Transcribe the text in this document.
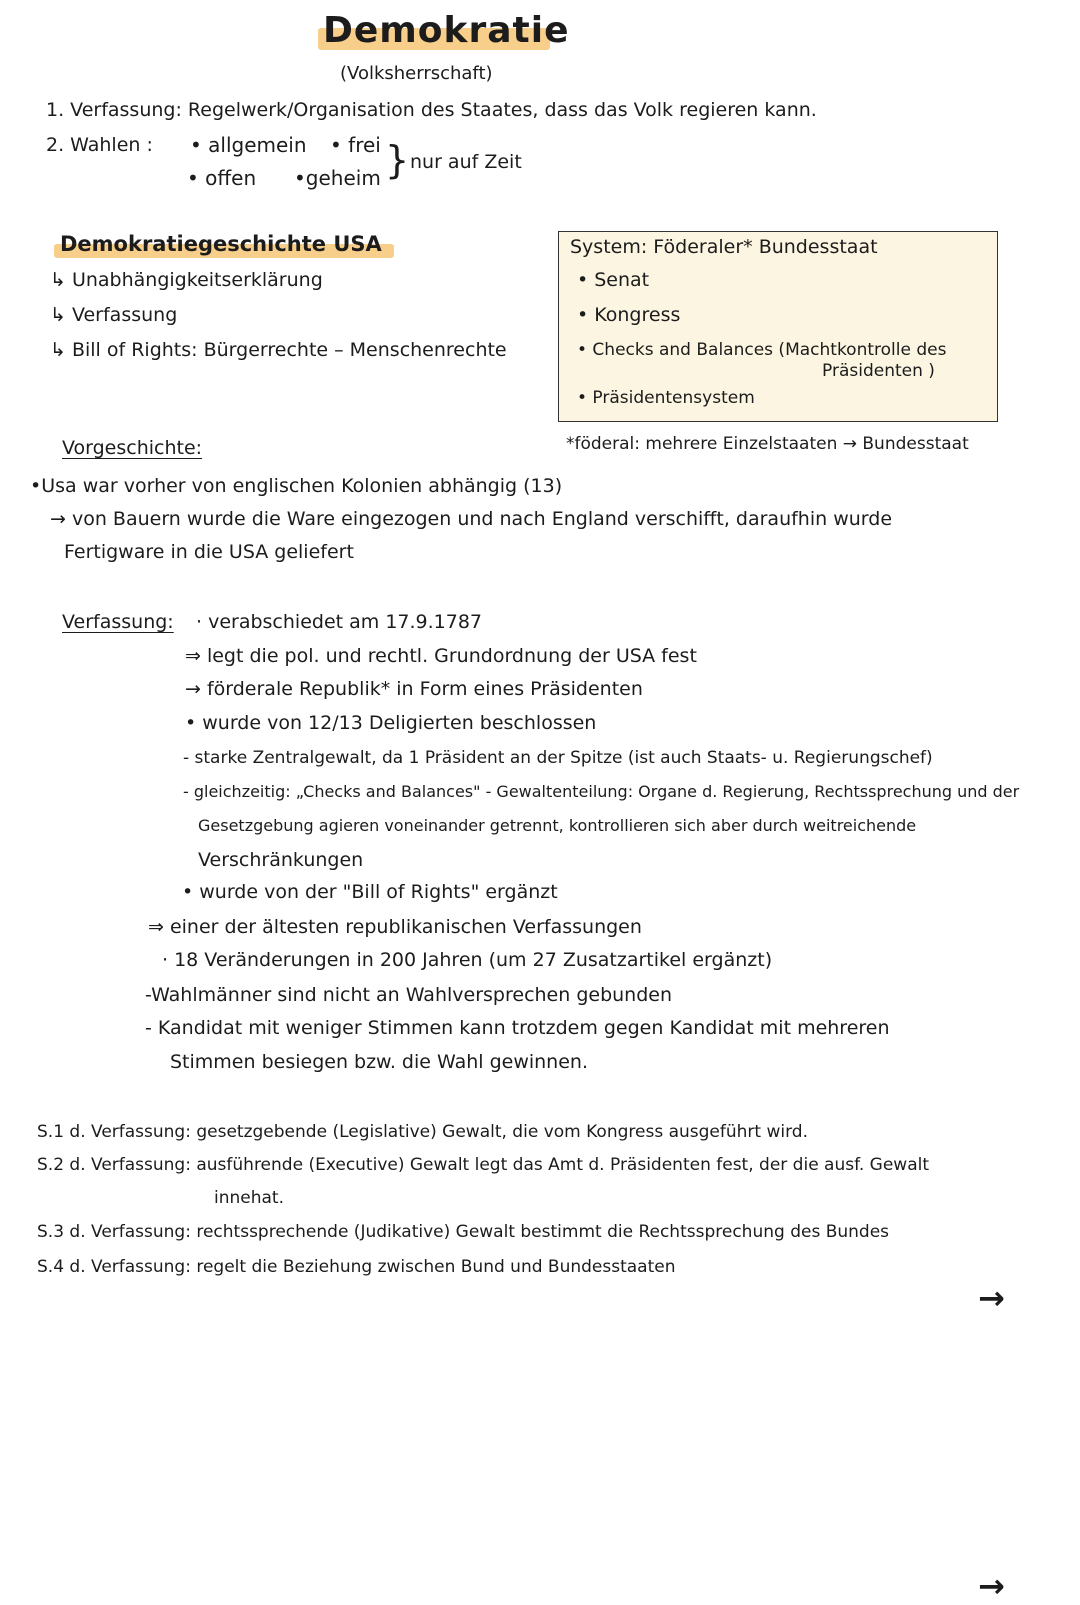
Demokratie
(Volksherrschaft)
1. Verfassung: Regelwerk/Organisation des Staates, dass das Volk regieren kann.
2. Wahlen : • allgemein • frei
• offen •geheim } nur auf Zeit
Demokratiegeschichte USA
↳ Unabhängigkeitserklärung
↳ Verfassung
↳ Bill of Rights: Bürgerrechte – Menschenrechte
System: Föderaler* Bundesstaat
• Senat
• Kongress
• Checks and Balances (Machtkontrolle des
Präsidenten )
• Präsidentensystem
*föderal: mehrere Einzelstaaten → Bundesstaat
Vorgeschichte:
•Usa war vorher von englischen Kolonien abhängig (13)
→ von Bauern wurde die Ware eingezogen und nach England verschifft, daraufhin wurde
Fertigware in die USA geliefert
Verfassung: · verabschiedet am 17.9.1787
⇒ legt die pol. und rechtl. Grundordnung der USA fest
→ förderale Republik* in Form eines Präsidenten
• wurde von 12/13 Deligierten beschlossen
- starke Zentralgewalt, da 1 Präsident an der Spitze (ist auch Staats- u. Regierungschef)
- gleichzeitig: „Checks and Balances" - Gewaltenteilung: Organe d. Regierung, Rechtssprechung und der
Gesetzgebung agieren voneinander getrennt, kontrollieren sich aber durch weitreichende
Verschränkungen
• wurde von der "Bill of Rights" ergänzt
⇒ einer der ältesten republikanischen Verfassungen
· 18 Veränderungen in 200 Jahren (um 27 Zusatzartikel ergänzt)
-Wahlmänner sind nicht an Wahlversprechen gebunden
- Kandidat mit weniger Stimmen kann trotzdem gegen Kandidat mit mehreren
Stimmen besiegen bzw. die Wahl gewinnen.
S.1 d. Verfassung: gesetzgebende (Legislative) Gewalt, die vom Kongress ausgeführt wird.
S.2 d. Verfassung: ausführende (Executive) Gewalt legt das Amt d. Präsidenten fest, der die ausf. Gewalt
innehat.
S.3 d. Verfassung: rechtssprechende (Judikative) Gewalt bestimmt die Rechtssprechung des Bundes
S.4 d. Verfassung: regelt die Beziehung zwischen Bund und Bundesstaaten
→
→
